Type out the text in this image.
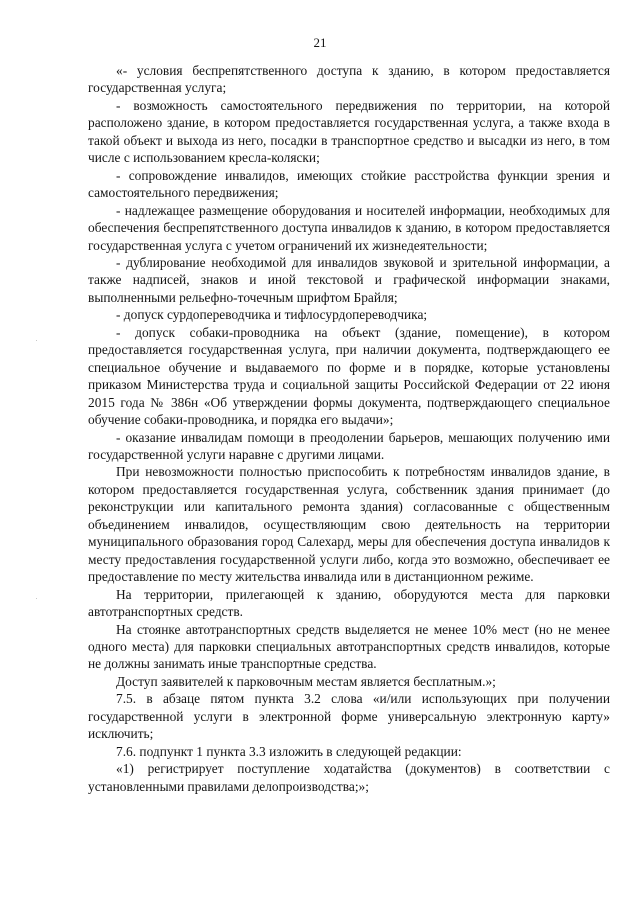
21

«- условия беспрепятственного доступа к зданию, в котором предоставляется государственная услуга;

- возможность самостоятельного передвижения по территории, на которой расположено здание, в котором предоставляется государственная услуга, а также входа в такой объект и выхода из него, посадки в транспортное средство и высадки из него, в том числе с использованием кресла-коляски;

- сопровождение инвалидов, имеющих стойкие расстройства функции зрения и самостоятельного передвижения;

- надлежащее размещение оборудования и носителей информации, необходимых для обеспечения беспрепятственного доступа инвалидов к зданию, в котором предоставляется государственная услуга с учетом ограничений их жизнедеятельности;

- дублирование необходимой для инвалидов звуковой и зрительной информации, а также надписей, знаков и иной текстовой и графической информации знаками, выполненными рельефно-точечным шрифтом Брайля;

- допуск сурдопереводчика и тифлосурдопереводчика;

- допуск собаки-проводника на объект (здание, помещение), в котором предоставляется государственная услуга, при наличии документа, подтверждающего ее специальное обучение и выдаваемого по форме и в порядке, которые установлены приказом Министерства труда и социальной защиты Российской Федерации от 22 июня 2015 года № 386н «Об утверждении формы документа, подтверждающего специальное обучение собаки-проводника, и порядка его выдачи»;

- оказание инвалидам помощи в преодолении барьеров, мешающих получению ими государственной услуги наравне с другими лицами.

При невозможности полностью приспособить к потребностям инвалидов здание, в котором предоставляется государственная услуга, собственник здания принимает (до реконструкции или капитального ремонта здания) согласованные с общественным объединением инвалидов, осуществляющим свою деятельность на территории муниципального образования город Салехард, меры для обеспечения доступа инвалидов к месту предоставления государственной услуги либо, когда это возможно, обеспечивает ее предоставление по месту жительства инвалида или в дистанционном режиме.

На территории, прилегающей к зданию, оборудуются места для парковки автотранспортных средств.

На стоянке автотранспортных средств выделяется не менее 10% мест (но не менее одного места) для парковки специальных автотранспортных средств инвалидов, которые не должны занимать иные транспортные средства.

Доступ заявителей к парковочным местам является бесплатным.»;

7.5. в абзаце пятом пункта 3.2 слова «и/или использующих при получении государственной услуги в электронной форме универсальную электронную карту» исключить;

7.6. подпункт 1 пункта 3.3 изложить в следующей редакции:

«1) регистрирует поступление ходатайства (документов) в соответствии с установленными правилами делопроизводства;»;
